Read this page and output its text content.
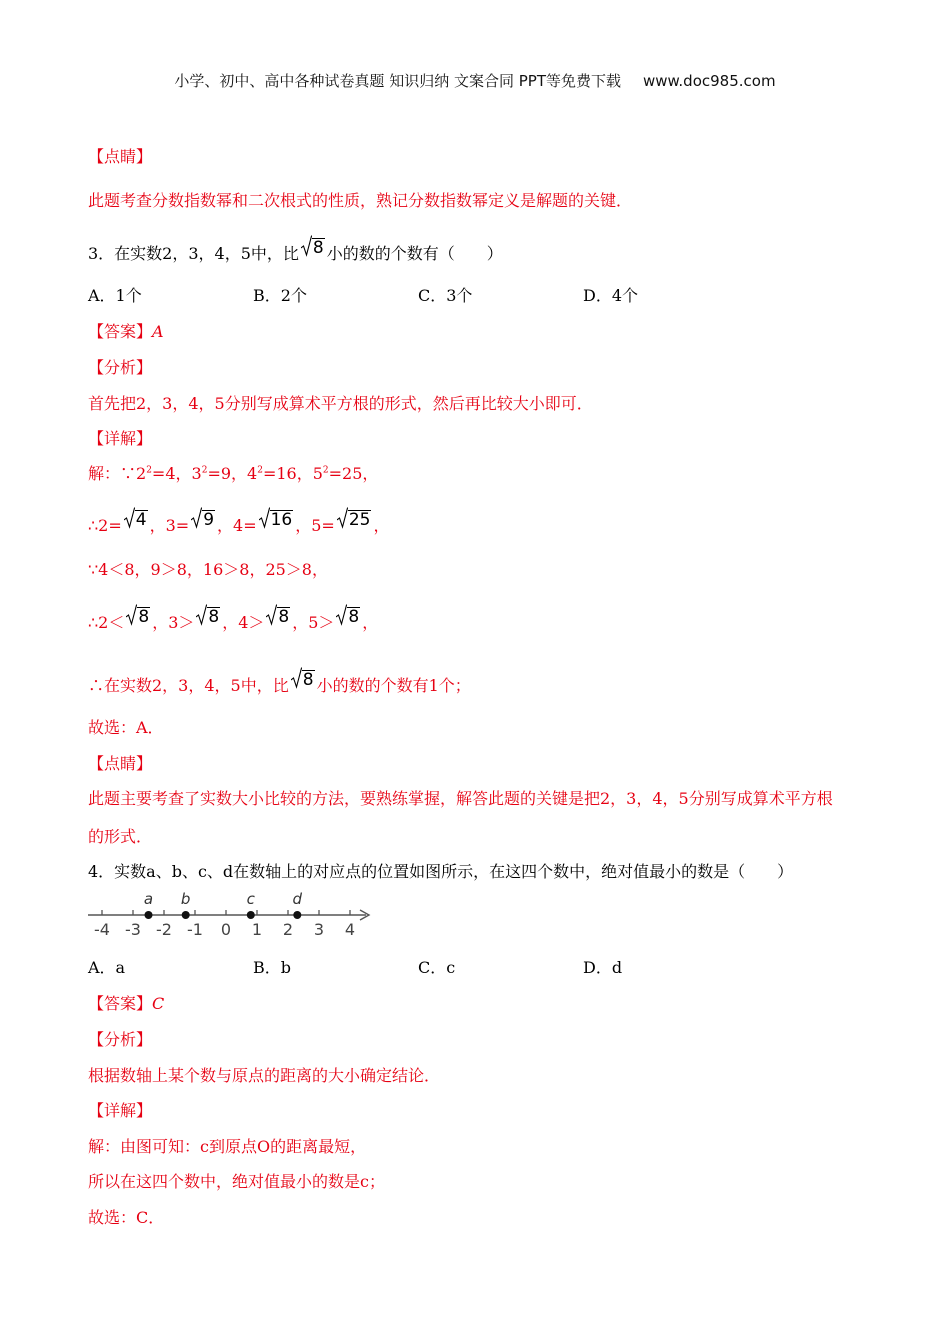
小学、初中、高中各种试卷真题 知识归纳 文案合同 PPT等免费下载 www.doc985.com
【点睛】
此题考查分数指数幂和二次根式的性质，熟记分数指数幂定义是解题的关键．
3．在实数2，3，4，5中，比 8 小的数的个数有（　　）
A．1个	B．2个	C．3个	D．4个
【答案】A
【分析】
首先把2，3，4，5分别写成算术平方根的形式，然后再比较大小即可．
【详解】
解：$\because 2^2=4$，$3^2=9$，$4^2=16$，$5^2=25$，
∴2= 4 ，3= 9 ，4= 16 ，5= 25 ，
∵4＜8，9＞8，16＞8，25＞8，
∴2＜ 8 ，3＞ 8 ，4＞ 8 ，5＞ 8 ，
∴在实数2，3，4，5中，比 8 小的数的个数有1个；
故选：A．
【点睛】
此题主要考查了实数大小比较的方法，要熟练掌握，解答此题的关键是把2，3，4，5分别写成算术平方根
的形式．
4．实数a、b、c、d在数轴上的对应点的位置如图所示，在这四个数中，绝对值最小的数是（　　）
-4 -3 -2 -1 0 1 2 3 4
a b	c	d
A．a	B．b	C．c	D．d
【答案】C
【分析】
根据数轴上某个数与原点的距离的大小确定结论．
【详解】
解：由图可知：c到原点O的距离最短，
所以在这四个数中，绝对值最小的数是c；
故选：C．
